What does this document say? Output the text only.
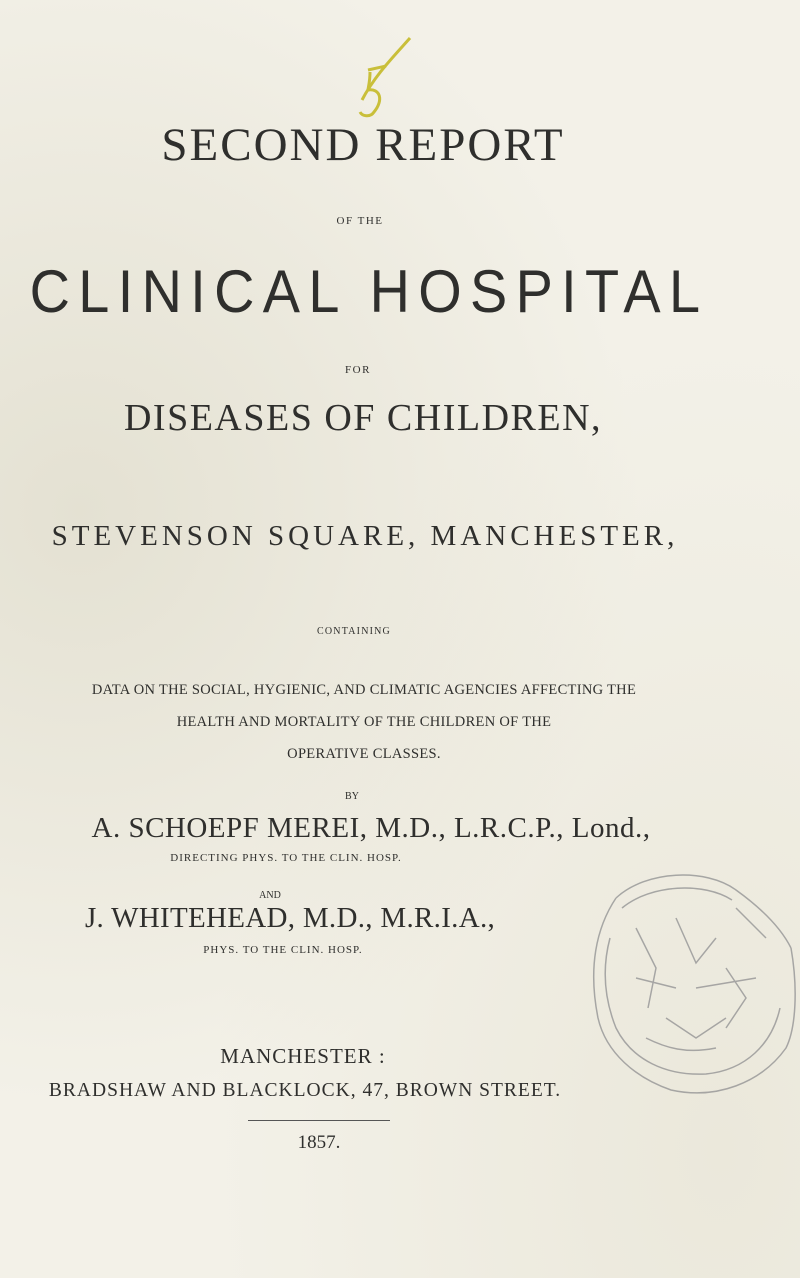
SECOND REPORT
OF THE
CLINICAL HOSPITAL
FOR
DISEASES OF CHILDREN,
STEVENSON SQUARE, MANCHESTER,
CONTAINING
DATA ON THE SOCIAL, HYGIENIC, AND CLIMATIC AGENCIES AFFECTING THE
HEALTH AND MORTALITY OF THE CHILDREN OF THE
OPERATIVE CLASSES.
BY
A. SCHOEPF MEREI, M.D., L.R.C.P., Lond.,
DIRECTING PHYS. TO THE CLIN. HOSP.
AND
J. WHITEHEAD, M.D., M.R.I.A.,
PHYS. TO THE CLIN. HOSP.
MANCHESTER :
BRADSHAW AND BLACKLOCK, 47, BROWN STREET.
1857.
